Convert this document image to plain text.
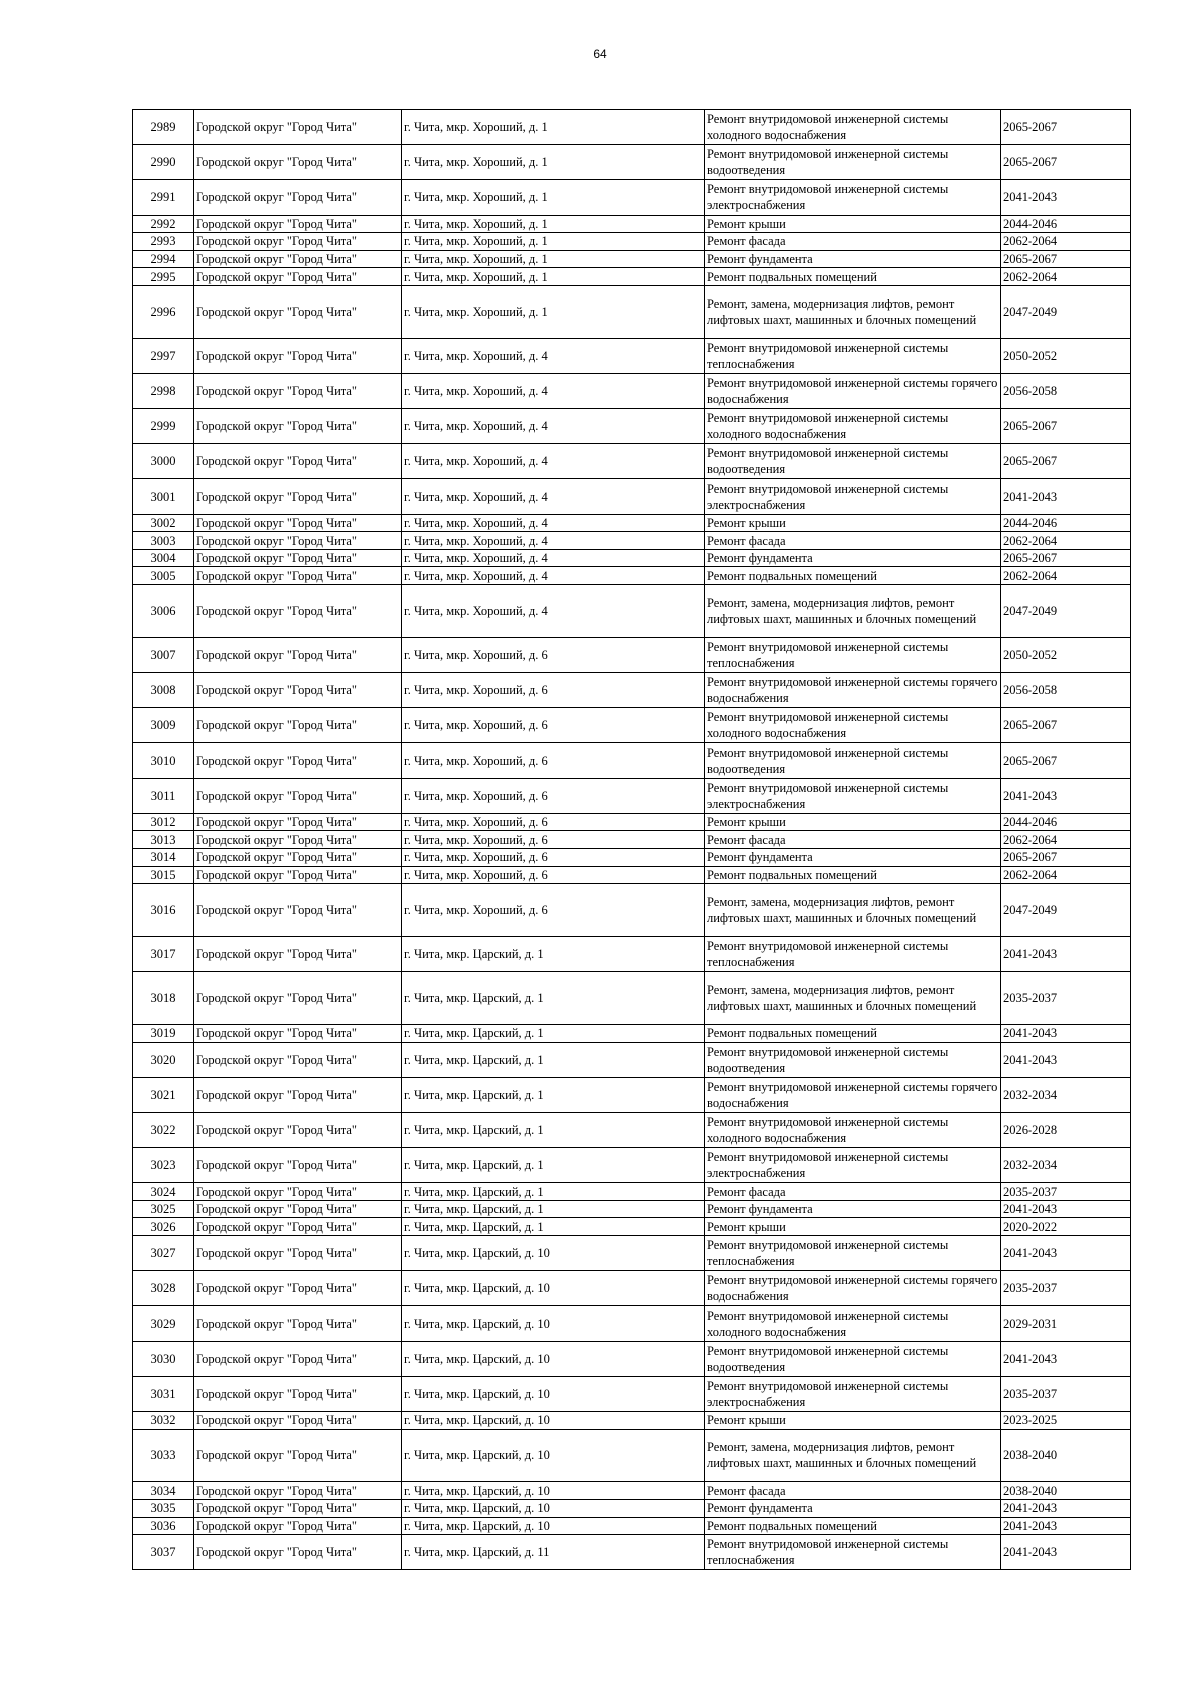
64
2989	Городской округ "Город Чита"	г. Чита, мкр. Хороший, д. 1	Ремонт внутридомовой инженерной системы холодного водоснабжения	2065-2067
2990	Городской округ "Город Чита"	г. Чита, мкр. Хороший, д. 1	Ремонт внутридомовой инженерной системы водоотведения	2065-2067
2991	Городской округ "Город Чита"	г. Чита, мкр. Хороший, д. 1	Ремонт внутридомовой инженерной системы электроснабжения	2041-2043
2992	Городской округ "Город Чита"	г. Чита, мкр. Хороший, д. 1	Ремонт крыши	2044-2046
2993	Городской округ "Город Чита"	г. Чита, мкр. Хороший, д. 1	Ремонт фасада	2062-2064
2994	Городской округ "Город Чита"	г. Чита, мкр. Хороший, д. 1	Ремонт фундамента	2065-2067
2995	Городской округ "Город Чита"	г. Чита, мкр. Хороший, д. 1	Ремонт подвальных помещений	2062-2064
2996	Городской округ "Город Чита"	г. Чита, мкр. Хороший, д. 1	Ремонт, замена, модернизация лифтов, ремонт лифтовых шахт, машинных и блочных помещений	2047-2049
2997	Городской округ "Город Чита"	г. Чита, мкр. Хороший, д. 4	Ремонт внутридомовой инженерной системы теплоснабжения	2050-2052
2998	Городской округ "Город Чита"	г. Чита, мкр. Хороший, д. 4	Ремонт внутридомовой инженерной системы горячего водоснабжения	2056-2058
2999	Городской округ "Город Чита"	г. Чита, мкр. Хороший, д. 4	Ремонт внутридомовой инженерной системы холодного водоснабжения	2065-2067
3000	Городской округ "Город Чита"	г. Чита, мкр. Хороший, д. 4	Ремонт внутридомовой инженерной системы водоотведения	2065-2067
3001	Городской округ "Город Чита"	г. Чита, мкр. Хороший, д. 4	Ремонт внутридомовой инженерной системы электроснабжения	2041-2043
3002	Городской округ "Город Чита"	г. Чита, мкр. Хороший, д. 4	Ремонт крыши	2044-2046
3003	Городской округ "Город Чита"	г. Чита, мкр. Хороший, д. 4	Ремонт фасада	2062-2064
3004	Городской округ "Город Чита"	г. Чита, мкр. Хороший, д. 4	Ремонт фундамента	2065-2067
3005	Городской округ "Город Чита"	г. Чита, мкр. Хороший, д. 4	Ремонт подвальных помещений	2062-2064
3006	Городской округ "Город Чита"	г. Чита, мкр. Хороший, д. 4	Ремонт, замена, модернизация лифтов, ремонт лифтовых шахт, машинных и блочных помещений	2047-2049
3007	Городской округ "Город Чита"	г. Чита, мкр. Хороший, д. 6	Ремонт внутридомовой инженерной системы теплоснабжения	2050-2052
3008	Городской округ "Город Чита"	г. Чита, мкр. Хороший, д. 6	Ремонт внутридомовой инженерной системы горячего водоснабжения	2056-2058
3009	Городской округ "Город Чита"	г. Чита, мкр. Хороший, д. 6	Ремонт внутридомовой инженерной системы холодного водоснабжения	2065-2067
3010	Городской округ "Город Чита"	г. Чита, мкр. Хороший, д. 6	Ремонт внутридомовой инженерной системы водоотведения	2065-2067
3011	Городской округ "Город Чита"	г. Чита, мкр. Хороший, д. 6	Ремонт внутридомовой инженерной системы электроснабжения	2041-2043
3012	Городской округ "Город Чита"	г. Чита, мкр. Хороший, д. 6	Ремонт крыши	2044-2046
3013	Городской округ "Город Чита"	г. Чита, мкр. Хороший, д. 6	Ремонт фасада	2062-2064
3014	Городской округ "Город Чита"	г. Чита, мкр. Хороший, д. 6	Ремонт фундамента	2065-2067
3015	Городской округ "Город Чита"	г. Чита, мкр. Хороший, д. 6	Ремонт подвальных помещений	2062-2064
3016	Городской округ "Город Чита"	г. Чита, мкр. Хороший, д. 6	Ремонт, замена, модернизация лифтов, ремонт лифтовых шахт, машинных и блочных помещений	2047-2049
3017	Городской округ "Город Чита"	г. Чита, мкр. Царский, д. 1	Ремонт внутридомовой инженерной системы теплоснабжения	2041-2043
3018	Городской округ "Город Чита"	г. Чита, мкр. Царский, д. 1	Ремонт, замена, модернизация лифтов, ремонт лифтовых шахт, машинных и блочных помещений	2035-2037
3019	Городской округ "Город Чита"	г. Чита, мкр. Царский, д. 1	Ремонт подвальных помещений	2041-2043
3020	Городской округ "Город Чита"	г. Чита, мкр. Царский, д. 1	Ремонт внутридомовой инженерной системы водоотведения	2041-2043
3021	Городской округ "Город Чита"	г. Чита, мкр. Царский, д. 1	Ремонт внутридомовой инженерной системы горячего водоснабжения	2032-2034
3022	Городской округ "Город Чита"	г. Чита, мкр. Царский, д. 1	Ремонт внутридомовой инженерной системы холодного водоснабжения	2026-2028
3023	Городской округ "Город Чита"	г. Чита, мкр. Царский, д. 1	Ремонт внутридомовой инженерной системы электроснабжения	2032-2034
3024	Городской округ "Город Чита"	г. Чита, мкр. Царский, д. 1	Ремонт фасада	2035-2037
3025	Городской округ "Город Чита"	г. Чита, мкр. Царский, д. 1	Ремонт фундамента	2041-2043
3026	Городской округ "Город Чита"	г. Чита, мкр. Царский, д. 1	Ремонт крыши	2020-2022
3027	Городской округ "Город Чита"	г. Чита, мкр. Царский, д. 10	Ремонт внутридомовой инженерной системы теплоснабжения	2041-2043
3028	Городской округ "Город Чита"	г. Чита, мкр. Царский, д. 10	Ремонт внутридомовой инженерной системы горячего водоснабжения	2035-2037
3029	Городской округ "Город Чита"	г. Чита, мкр. Царский, д. 10	Ремонт внутридомовой инженерной системы холодного водоснабжения	2029-2031
3030	Городской округ "Город Чита"	г. Чита, мкр. Царский, д. 10	Ремонт внутридомовой инженерной системы водоотведения	2041-2043
3031	Городской округ "Город Чита"	г. Чита, мкр. Царский, д. 10	Ремонт внутридомовой инженерной системы электроснабжения	2035-2037
3032	Городской округ "Город Чита"	г. Чита, мкр. Царский, д. 10	Ремонт крыши	2023-2025
3033	Городской округ "Город Чита"	г. Чита, мкр. Царский, д. 10	Ремонт, замена, модернизация лифтов, ремонт лифтовых шахт, машинных и блочных помещений	2038-2040
3034	Городской округ "Город Чита"	г. Чита, мкр. Царский, д. 10	Ремонт фасада	2038-2040
3035	Городской округ "Город Чита"	г. Чита, мкр. Царский, д. 10	Ремонт фундамента	2041-2043
3036	Городской округ "Город Чита"	г. Чита, мкр. Царский, д. 10	Ремонт подвальных помещений	2041-2043
3037	Городской округ "Город Чита"	г. Чита, мкр. Царский, д. 11	Ремонт внутридомовой инженерной системы теплоснабжения	2041-2043
